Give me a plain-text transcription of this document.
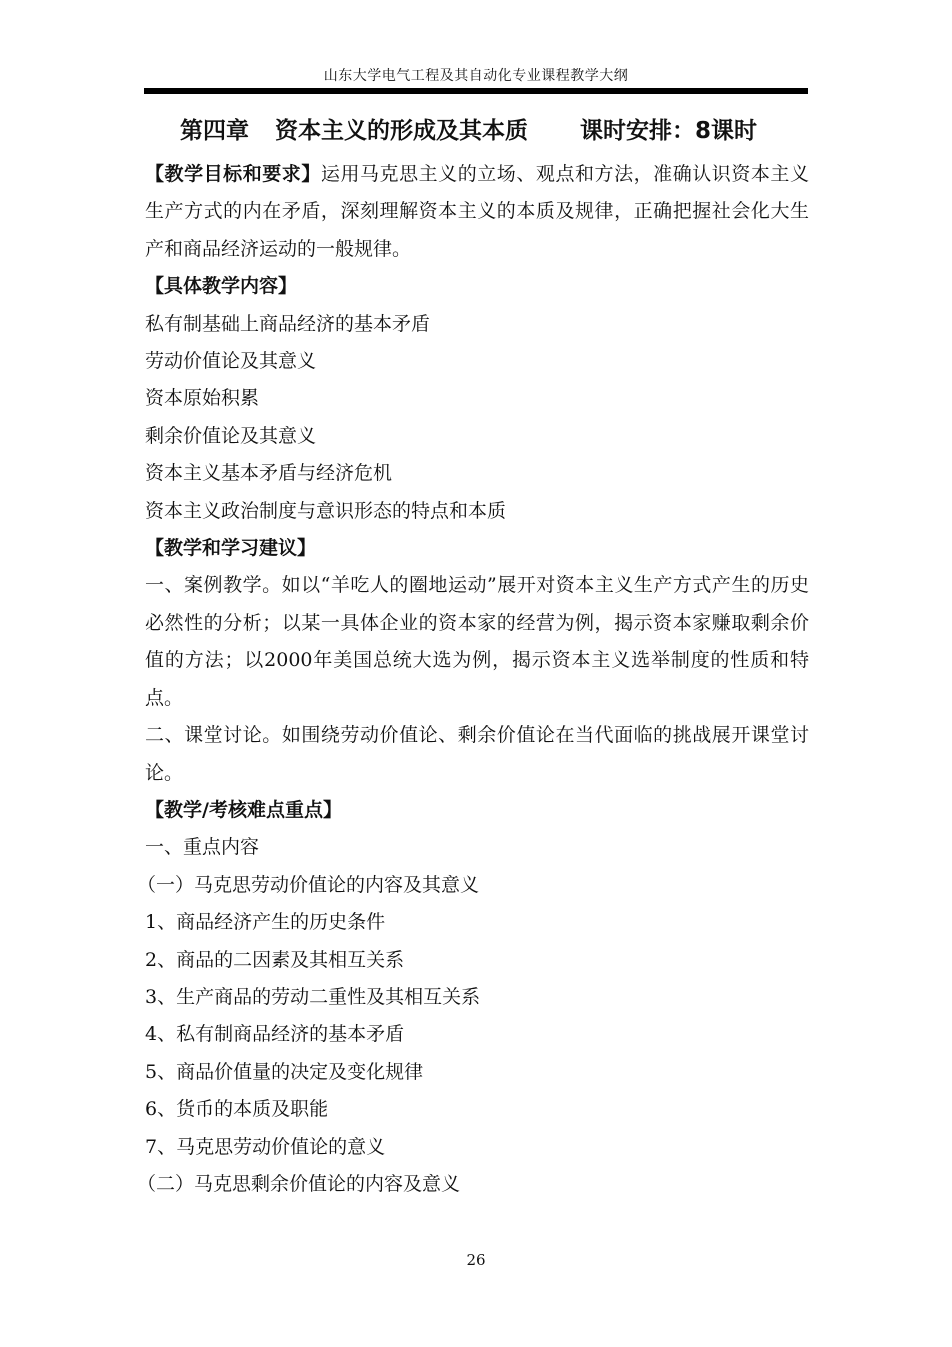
山东大学电气工程及其自动化专业课程教学大纲
第四章 资本主义的形成及其本质 课时安排：8课时

【教学目标和要求】运用马克思主义的立场、观点和方法，准确认识资本主义生产方式的内在矛盾，深刻理解资本主义的本质及规律，正确把握社会化大生产和商品经济运动的一般规律。

【具体教学内容】

私有制基础上商品经济的基本矛盾

劳动价值论及其意义

资本原始积累

剩余价值论及其意义

资本主义基本矛盾与经济危机

资本主义政治制度与意识形态的特点和本质

【教学和学习建议】

一、案例教学。如以“羊吃人的圈地运动”展开对资本主义生产方式产生的历史必然性的分析；以某一具体企业的资本家的经营为例，揭示资本家赚取剩余价值的方法；以2000年美国总统大选为例，揭示资本主义选举制度的性质和特点。

二、课堂讨论。如围绕劳动价值论、剩余价值论在当代面临的挑战展开课堂讨论。

【教学/考核难点重点】

一、重点内容

（一）马克思劳动价值论的内容及其意义

1、商品经济产生的历史条件

2、商品的二因素及其相互关系

3、生产商品的劳动二重性及其相互关系

4、私有制商品经济的基本矛盾

5、商品价值量的决定及变化规律

6、货币的本质及职能

7、马克思劳动价值论的意义

（二）马克思剩余价值论的内容及意义

26
